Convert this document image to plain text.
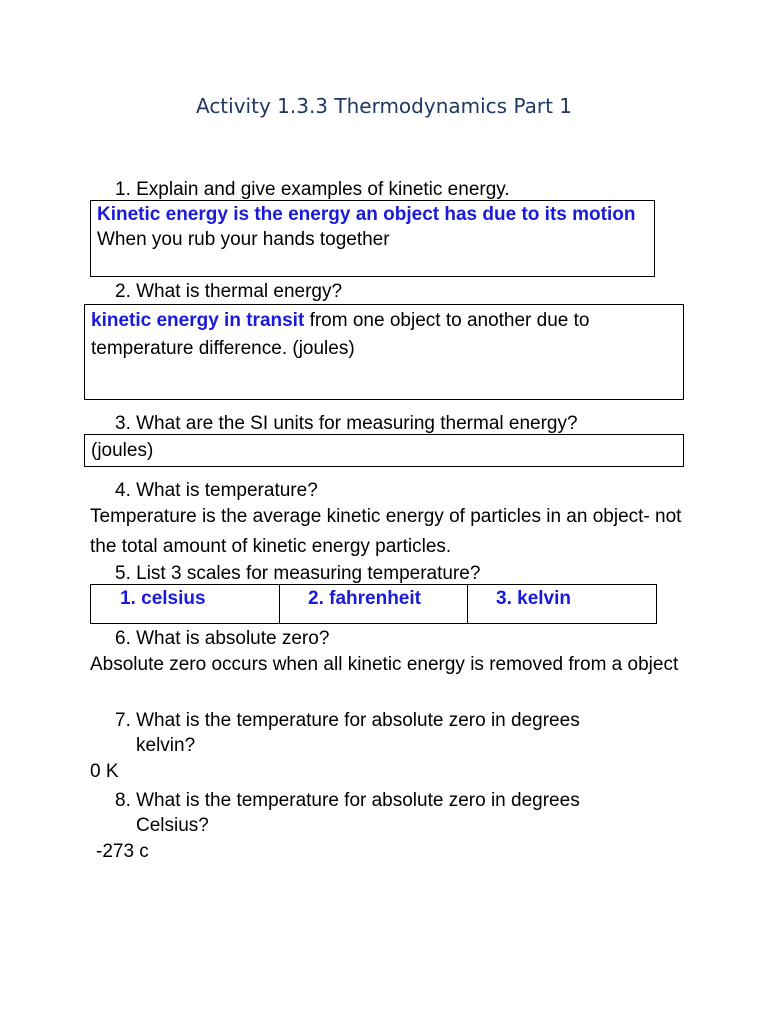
Activity 1.3.3 Thermodynamics Part 1
1. Explain and give examples of kinetic energy.
Kinetic energy is the energy an object has due to its motion
When you rub your hands together
2. What is thermal energy?
kinetic energy in transit from one object to another due to temperature difference. (joules)
3. What are the SI units for measuring thermal energy?
(joules)
4. What is temperature?
Temperature is the average kinetic energy of particles in an object- not the total amount of kinetic energy particles.
5. List 3 scales for measuring temperature?
1. celsius	2. fahrenheit	3. kelvin
6. What is absolute zero?
Absolute zero occurs when all kinetic energy is removed from a object
7. What is the temperature for absolute zero in degrees
kelvin?
0 K
8. What is the temperature for absolute zero in degrees
Celsius?
-273 c
